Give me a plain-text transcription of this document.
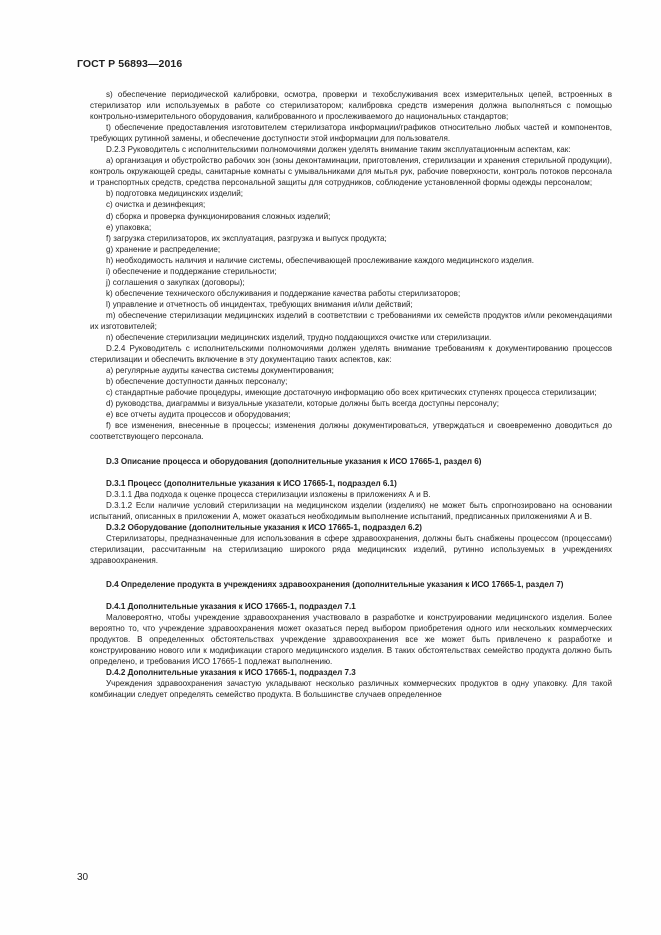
ГОСТ Р 56893—2016

s) обеспечение периодической калибровки, осмотра, проверки и техобслуживания всех измерительных цепей, встроенных в стерилизатор или используемых в работе со стерилизатором; калибровка средств измерения должна выполняться с помощью контрольно-измерительного оборудования, калиброванного и прослеживаемого до национальных стандартов;

t) обеспечение предоставления изготовителем стерилизатора информации/графиков относительно любых частей и компонентов, требующих рутинной замены, и обеспечение доступности этой информации для пользователя.

D.2.3 Руководитель с исполнительскими полномочиями должен уделять внимание таким эксплуатационным аспектам, как:

a) организация и обустройство рабочих зон (зоны деконтаминации, приготовления, стерилизации и хранения стерильной продукции), контроль окружающей среды, санитарные комнаты с умывальниками для мытья рук, рабочие поверхности, контроль потоков персонала и транспортных средств, средства персональной защиты для сотрудников, соблюдение установленной формы одежды персоналом;

b) подготовка медицинских изделий;

c) очистка и дезинфекция;

d) сборка и проверка функционирования сложных изделий;

e) упаковка;

f) загрузка стерилизаторов, их эксплуатация, разгрузка и выпуск продукта;

g) хранение и распределение;

h) необходимость наличия и наличие системы, обеспечивающей прослеживание каждого медицинского изделия.

i) обеспечение и поддержание стерильности;

j) соглашения о закупках (договоры);

k) обеспечение технического обслуживания и поддержание качества работы стерилизаторов;

l) управление и отчетность об инцидентах, требующих внимания и/или действий;

m) обеспечение стерилизации медицинских изделий в соответствии с требованиями их семейств продуктов и/или рекомендациями их изготовителей;

n) обеспечение стерилизации медицинских изделий, трудно поддающихся очистке или стерилизации.

D.2.4 Руководитель с исполнительскими полномочиями должен уделять внимание требованиям к документированию процессов стерилизации и обеспечить включение в эту документацию таких аспектов, как:

a) регулярные аудиты качества системы документирования;

b) обеспечение доступности данных персоналу;

c) стандартные рабочие процедуры, имеющие достаточную информацию обо всех критических ступенях процесса стерилизации;

d) руководства, диаграммы и визуальные указатели, которые должны быть всегда доступны персоналу;

e) все отчеты аудита процессов и оборудования;

f) все изменения, внесенные в процессы; изменения должны документироваться, утверждаться и своевременно доводиться до соответствующего персонала.

D.3 Описание процесса и оборудования (дополнительные указания к ИСО 17665-1, раздел 6)

D.3.1 Процесс (дополнительные указания к ИСО 17665-1, подраздел 6.1)

D.3.1.1 Два подхода к оценке процесса стерилизации изложены в приложениях А и В.

D.3.1.2 Если наличие условий стерилизации на медицинском изделии (изделиях) не может быть спрогнозировано на основании испытаний, описанных в приложении А, может оказаться необходимым выполнение испытаний, предписанных приложениями А и В.

D.3.2 Оборудование (дополнительные указания к ИСО 17665-1, подраздел 6.2)

Стерилизаторы, предназначенные для использования в сфере здравоохранения, должны быть снабжены процессом (процессами) стерилизации, рассчитанным на стерилизацию широкого ряда медицинских изделий, рутинно используемых в учреждениях здравоохранения.

D.4 Определение продукта в учреждениях здравоохранения (дополнительные указания к ИСО 17665-1, раздел 7)

D.4.1 Дополнительные указания к ИСО 17665-1, подраздел 7.1

Маловероятно, чтобы учреждение здравоохранения участвовало в разработке и конструировании медицинского изделия. Более вероятно то, что учреждение здравоохранения может оказаться перед выбором приобретения одного или нескольких коммерческих продуктов. В определенных обстоятельствах учреждение здравоохранения все же может быть привлечено к разработке и конструированию нового или к модификации старого медицинского изделия. В таких обстоятельствах семейство продукта должно быть определено, и требования ИСО 17665-1 подлежат выполнению.

D.4.2 Дополнительные указания к ИСО 17665-1, подраздел 7.3

Учреждения здравоохранения зачастую укладывают несколько различных коммерческих продуктов в одну упаковку. Для такой комбинации следует определять семейство продукта. В большинстве случаев определенное

30
